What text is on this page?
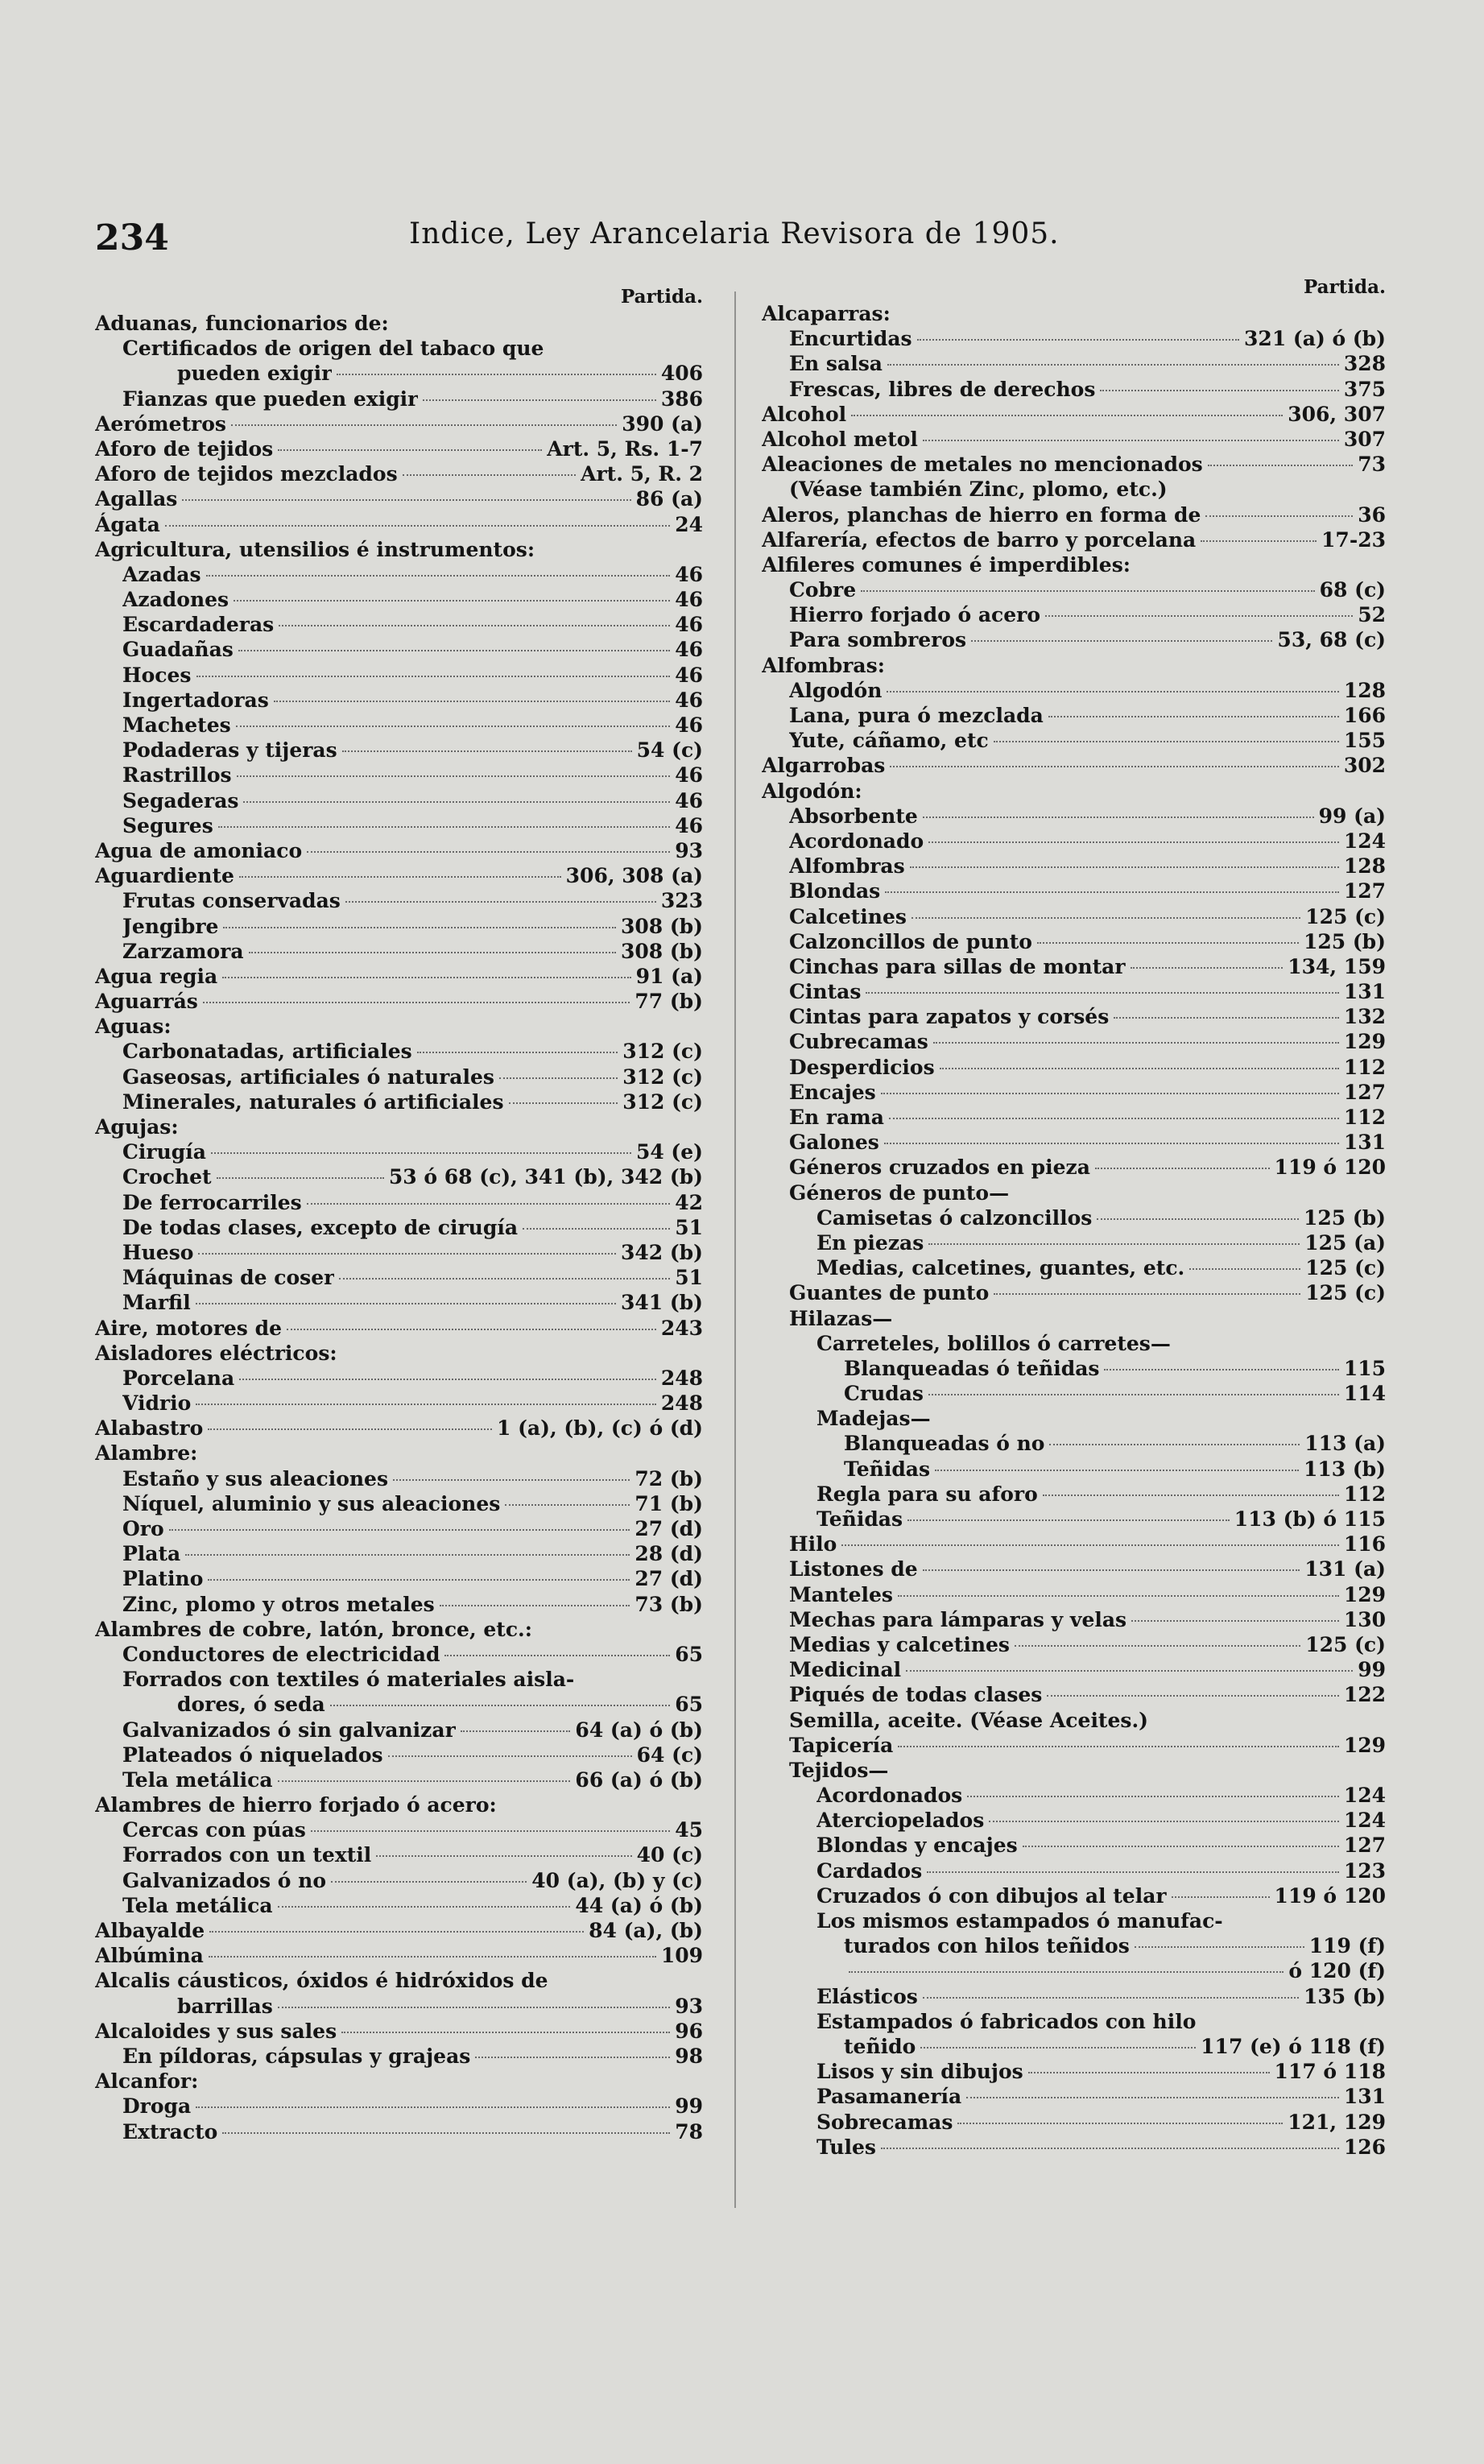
234	Indice, Ley Arancelaria Revisora de 1905.
Partida.
Aduanas, funcionarios de:
Certificados de origen del tabaco que
pueden exigir	406
Fianzas que pueden exigir	386
Aerómetros	390 (a)
Aforo de tejidos	Art. 5, Rs. 1-7
Aforo de tejidos mezclados	Art. 5, R. 2
Agallas	86 (a)
Ágata	24
Agricultura, utensilios é instrumentos:
Azadas	46
Azadones	46
Escardaderas	46
Guadañas	46
Hoces	46
Ingertadoras	46
Machetes	46
Podaderas y tijeras	54 (c)
Rastrillos	46
Segaderas	46
Segures	46
Agua de amoniaco	93
Aguardiente	306, 308 (a)
Frutas conservadas	323
Jengibre	308 (b)
Zarzamora	308 (b)
Agua regia	91 (a)
Aguarrás	77 (b)
Aguas:
Carbonatadas, artificiales	312 (c)
Gaseosas, artificiales ó naturales	312 (c)
Minerales, naturales ó artificiales	312 (c)
Agujas:
Cirugía	54 (e)
Crochet	53 ó 68 (c), 341 (b), 342 (b)
De ferrocarriles	42
De todas clases, excepto de cirugía	51
Hueso	342 (b)
Máquinas de coser	51
Marfil	341 (b)
Aire, motores de	243
Aisladores eléctricos:
Porcelana	248
Vidrio	248
Alabastro	1 (a), (b), (c) ó (d)
Alambre:
Estaño y sus aleaciones	72 (b)
Níquel, aluminio y sus aleaciones	71 (b)
Oro	27 (d)
Plata	28 (d)
Platino	27 (d)
Zinc, plomo y otros metales	73 (b)
Alambres de cobre, latón, bronce, etc.:
Conductores de electricidad	65
Forrados con textiles ó materiales aisla-
dores, ó seda	65
Galvanizados ó sin galvanizar	64 (a) ó (b)
Plateados ó niquelados	64 (c)
Tela metálica	66 (a) ó (b)
Alambres de hierro forjado ó acero:
Cercas con púas	45
Forrados con un textil	40 (c)
Galvanizados ó no	40 (a), (b) y (c)
Tela metálica	44 (a) ó (b)
Albayalde	84 (a), (b)
Albúmina	109
Alcalis cáusticos, óxidos é hidróxidos de
barrillas	93
Alcaloides y sus sales	96
En píldoras, cápsulas y grajeas	98
Alcanfor:
Droga	99
Extracto	78
Partida.
Alcaparras:
Encurtidas	321 (a) ó (b)
En salsa	328
Frescas, libres de derechos	375
Alcohol	306, 307
Alcohol metol	307
Aleaciones de metales no mencionados	73
(Véase también Zinc, plomo, etc.)
Aleros, planchas de hierro en forma de	36
Alfarería, efectos de barro y porcelana	17-23
Alfileres comunes é imperdibles:
Cobre	68 (c)
Hierro forjado ó acero	52
Para sombreros	53, 68 (c)
Alfombras:
Algodón	128
Lana, pura ó mezclada	166
Yute, cáñamo, etc	155
Algarrobas	302
Algodón:
Absorbente	99 (a)
Acordonado	124
Alfombras	128
Blondas	127
Calcetines	125 (c)
Calzoncillos de punto	125 (b)
Cinchas para sillas de montar	134, 159
Cintas	131
Cintas para zapatos y corsés	132
Cubrecamas	129
Desperdicios	112
Encajes	127
En rama	112
Galones	131
Géneros cruzados en pieza	119 ó 120
Géneros de punto—
Camisetas ó calzoncillos	125 (b)
En piezas	125 (a)
Medias, calcetines, guantes, etc.	125 (c)
Guantes de punto	125 (c)
Hilazas—
Carreteles, bolillos ó carretes—
Blanqueadas ó teñidas	115
Crudas	114
Madejas—
Blanqueadas ó no	113 (a)
Teñidas	113 (b)
Regla para su aforo	112
Teñidas	113 (b) ó 115
Hilo	116
Listones de	131 (a)
Manteles	129
Mechas para lámparas y velas	130
Medias y calcetines	125 (c)
Medicinal	99
Piqués de todas clases	122
Semilla, aceite. (Véase Aceites.)
Tapicería	129
Tejidos—
Acordonados	124
Aterciopelados	124
Blondas y encajes	127
Cardados	123
Cruzados ó con dibujos al telar	119 ó 120
Los mismos estampados ó manufac-
turados con hilos teñidos	119 (f)
ó 120 (f)
Elásticos	135 (b)
Estampados ó fabricados con hilo
teñido	117 (e) ó 118 (f)
Lisos y sin dibujos	117 ó 118
Pasamanería	131
Sobrecamas	121, 129
Tules	126
